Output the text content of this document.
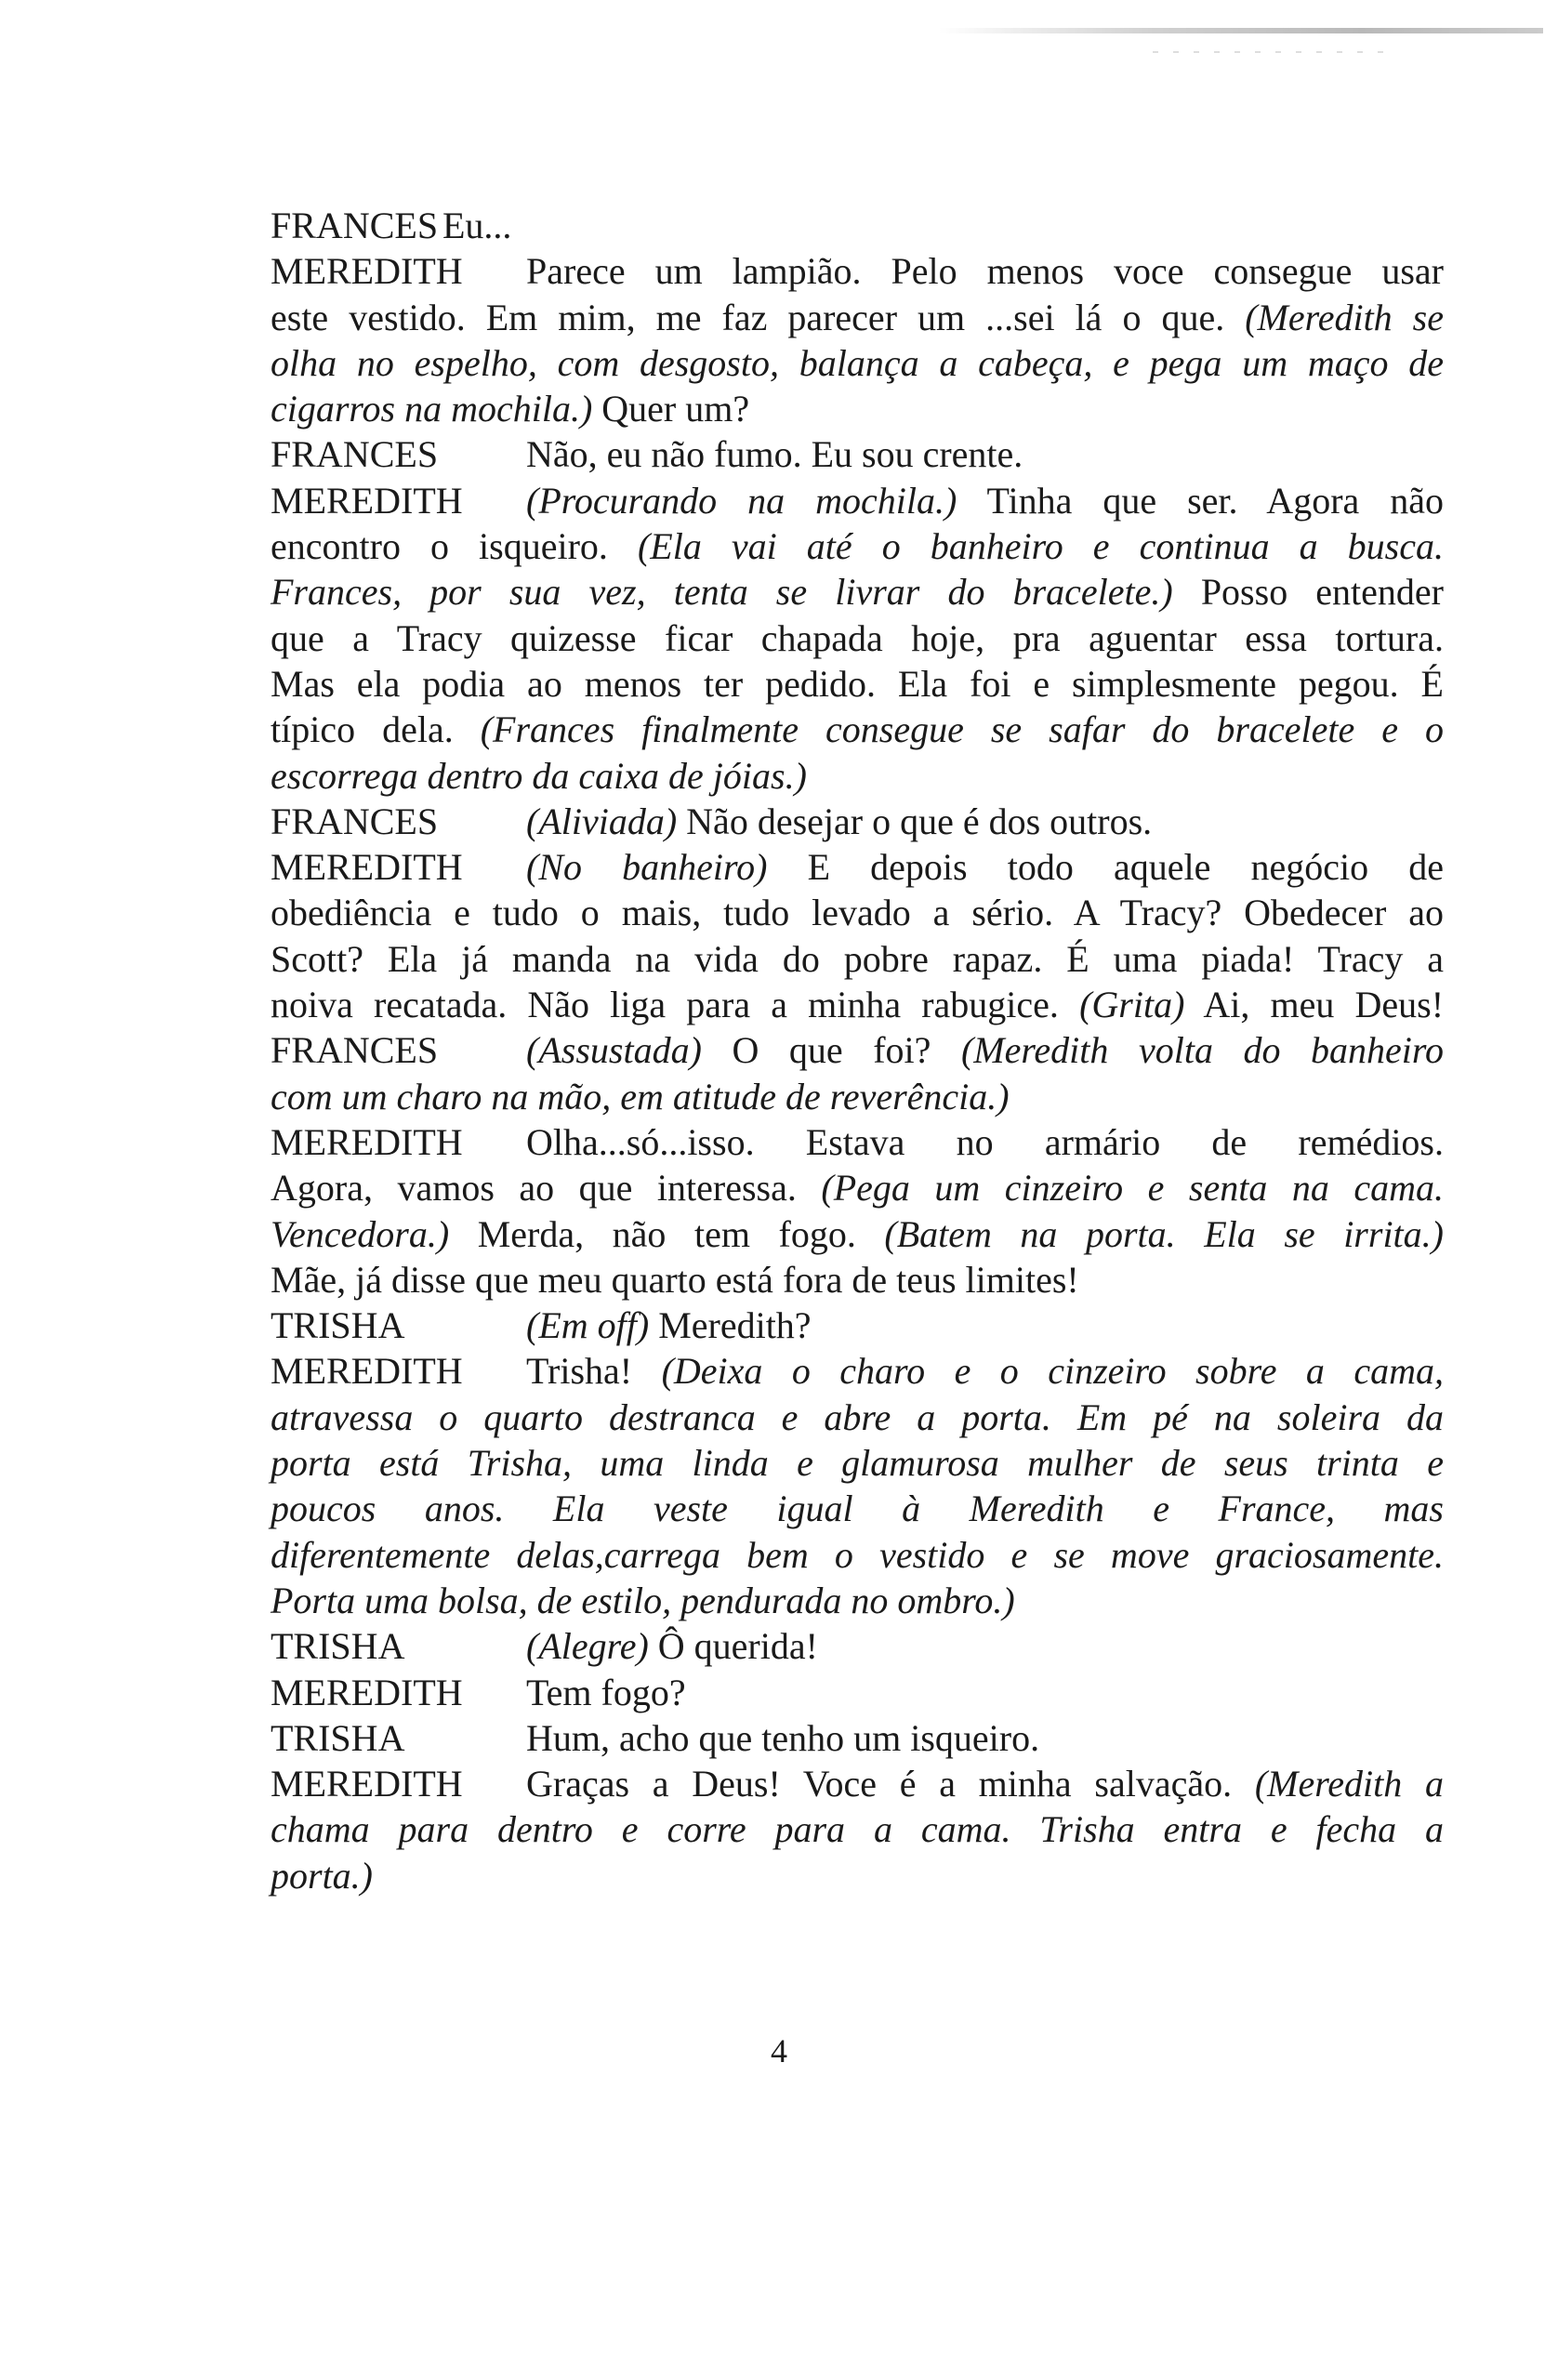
FRANCES Eu...
MEREDITH Parece um lampião. Pelo menos voce consegue usar
este vestido. Em mim, me faz parecer um ...sei lá o que. (Meredith se
olha no espelho, com desgosto, balança a cabeça, e pega um maço de
cigarros na mochila.) Quer um?
FRANCES Não, eu não fumo. Eu sou crente.
MEREDITH (Procurando na mochila.) Tinha que ser. Agora não
encontro o isqueiro. (Ela vai até o banheiro e continua a busca.
Frances, por sua vez, tenta se livrar do bracelete.) Posso entender
que a Tracy quizesse ficar chapada hoje, pra aguentar essa tortura.
Mas ela podia ao menos ter pedido. Ela foi e simplesmente pegou. É
típico dela. (Frances finalmente consegue se safar do bracelete e o
escorrega dentro da caixa de jóias.)
FRANCES (Aliviada) Não desejar o que é dos outros.
MEREDITH (No banheiro) E depois todo aquele negócio de
obediência e tudo o mais, tudo levado a sério. A Tracy? Obedecer ao
Scott? Ela já manda na vida do pobre rapaz. É uma piada! Tracy a
noiva recatada. Não liga para a minha rabugice. (Grita) Ai, meu Deus!
FRANCES (Assustada) O que foi? (Meredith volta do banheiro
com um charo na mão, em atitude de reverência.)
MEREDITH Olha...só...isso. Estava no armário de remédios.
Agora, vamos ao que interessa. (Pega um cinzeiro e senta na cama.
Vencedora.) Merda, não tem fogo. (Batem na porta. Ela se irrita.)
Mãe, já disse que meu quarto está fora de teus limites!
TRISHA	(Em off) Meredith?
MEREDITH Trisha! (Deixa o charo e o cinzeiro sobre a cama,
atravessa o quarto destranca e abre a porta. Em pé na soleira da
porta está Trisha, uma linda e glamurosa mulher de seus trinta e
poucos anos. Ela veste igual à Meredith e France, mas
diferentemente delas,carrega bem o vestido e se move graciosamente.
Porta uma bolsa, de estilo, pendurada no ombro.)
TRISHA	(Alegre) Ô querida!
MEREDITH Tem fogo?
TRISHA	Hum, acho que tenho um isqueiro.
MEREDITH Graças a Deus! Voce é a minha salvação. (Meredith a
chama para dentro e corre para a cama. Trisha entra e fecha a
porta.)
4
